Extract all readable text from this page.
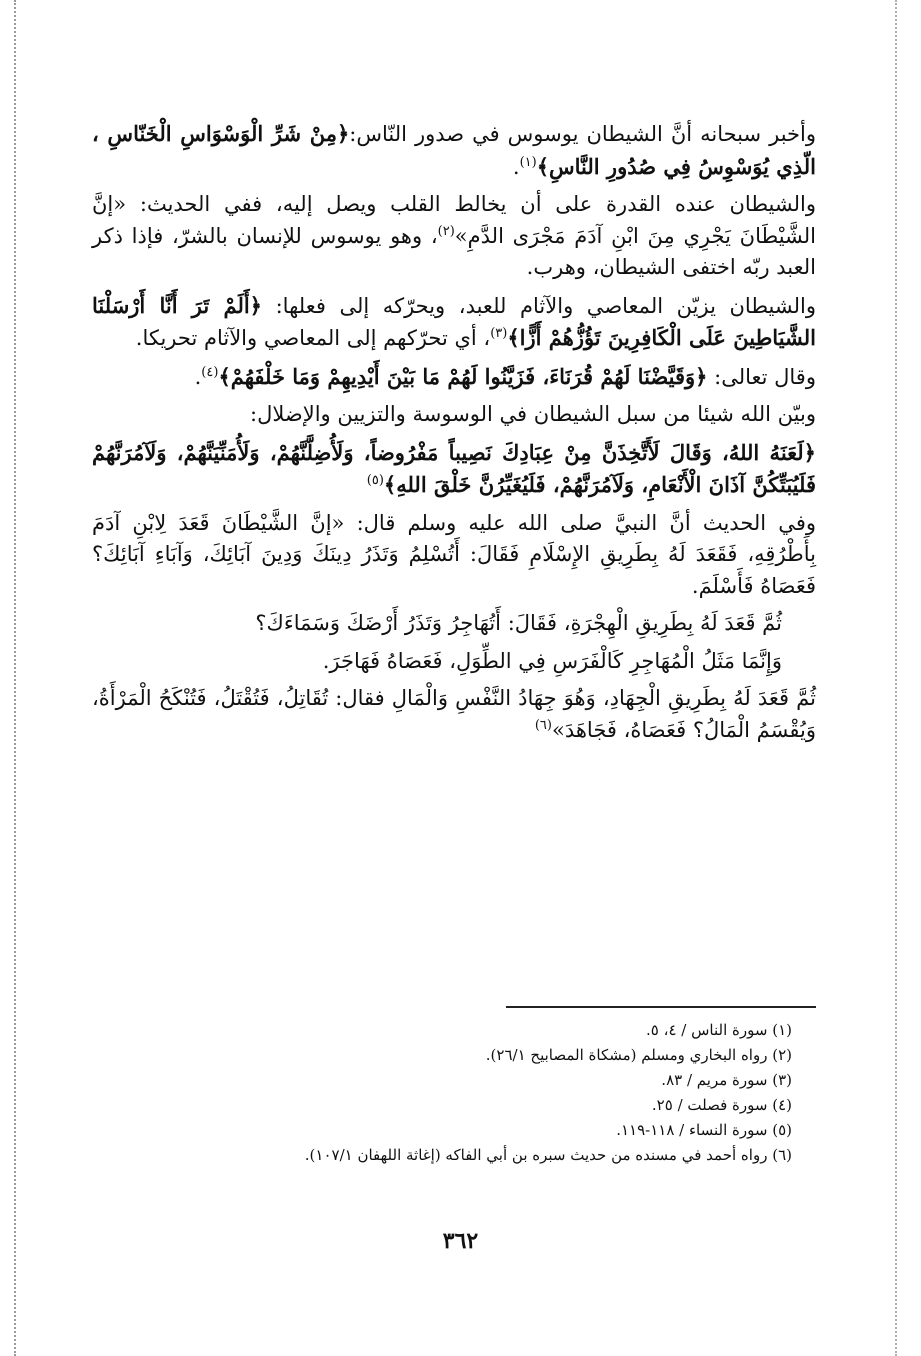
وأخبر سبحانه أنَّ الشيطان يوسوس في صدور النّاس:﴿مِنْ شَرِّ الْوَسْوَاسِ الْخَنّاسِ ، الّذِي يُوَسْوِسُ فِي صُدُورِ النَّاسِ﴾$^{(١)}$.

والشيطان عنده القدرة على أن يخالط القلب ويصل إليه، ففي الحديث: «إنَّ الشَّيْطَانَ يَجْرِي مِنَ ابْنِ آدَمَ مَجْرَى الدَّمِ»$^{(٢)}$، وهو يوسوس للإنسان بالشرّ، فإذا ذكر العبد ربّه اختفى الشيطان، وهرب.

والشيطان يزيّن المعاصي والآثام للعبد، ويحرّكه إلى فعلها: ﴿أَلَمْ تَرَ أَنَّا أَرْسَلْنَا الشَّيَاطِينَ عَلَى الْكَافِرِينَ تَؤُزُّهُمْ أَزًّا﴾$^{(٣)}$، أي تحرّكهم إلى المعاصي والآثام تحريكا.

وقال تعالى: ﴿وَقَيَّضْنَا لَهُمْ قُرَنَاءَ، فَزَيَّنُوا لَهُمْ مَا بَيْنَ أَيْدِيهِمْ وَمَا خَلْفَهُمْ﴾$^{(٤)}$.

وبيّن الله شيئا من سبل الشيطان في الوسوسة والتزيين والإضلال:

﴿لَعَنَهُ اللهُ، وَقَالَ لَأَتَّخِذَنَّ مِنْ عِبَادِكَ نَصِيباً مَفْرُوضاً، وَلَأُضِلَّنَّهُمْ، وَلَأُمَنِّيَنَّهُمْ، وَلَآمُرَنَّهُمْ فَلَيُبَتِّكُنَّ آذَانَ الْأَنْعَامِ، وَلَآمُرَنَّهُمْ، فَلَيُغَيِّرُنَّ خَلْقَ اللهِ﴾$^{(٥)}$

وفي الحديث أنَّ النبيَّ صلى الله عليه وسلم قال: «إنَّ الشَّيْطَانَ قَعَدَ لِابْنِ آدَمَ بِأَطْرُقِهِ، فَقَعَدَ لَهُ بِطَرِيقِ الإِسْلَامِ فَقَالَ: أَتُسْلِمُ وَتَذَرُ دِينَكَ وَدِينَ آبَائِكَ، وَآبَاءِ آبَائِكَ؟ فَعَصَاهُ فَأَسْلَمَ.

ثُمَّ قَعَدَ لَهُ بِطَرِيقِ الْهِجْرَةِ، فَقَالَ: أَتُهَاجِرُ وَتَذَرُ أَرْضَكَ وَسَمَاءَكَ؟

وَإِنَّمَا مَثَلُ الْمُهَاجِرِ كَالْفَرَسِ فِي الطِّوَلِ، فَعَصَاهُ فَهَاجَرَ.

ثُمَّ قَعَدَ لَهُ بِطَرِيقِ الْجِهَادِ، وَهُوَ جِهَادُ النَّفْسِ وَالْمَالِ فقال: تُقَاتِلُ، فَتُقْتَلُ، فَتُنْكَحُ الْمَرْأَةُ، وَيُقْسَمُ الْمَالُ؟ فَعَصَاهُ، فَجَاهَدَ»$^{(٦)}$

(١) سورة الناس / ٤، ٥.
(٢) رواه البخاري ومسلم (مشكاة المصابيح ٢٦/١).
(٣) سورة مريم / ٨٣.
(٤) سورة فصلت / ٢٥.
(٥) سورة النساء / ١١٨-١١٩.
(٦) رواه أحمد في مسنده من حديث سبره بن أبي الفاكه (إغاثة اللهفان ١٠٧/١).
٣٦٢
